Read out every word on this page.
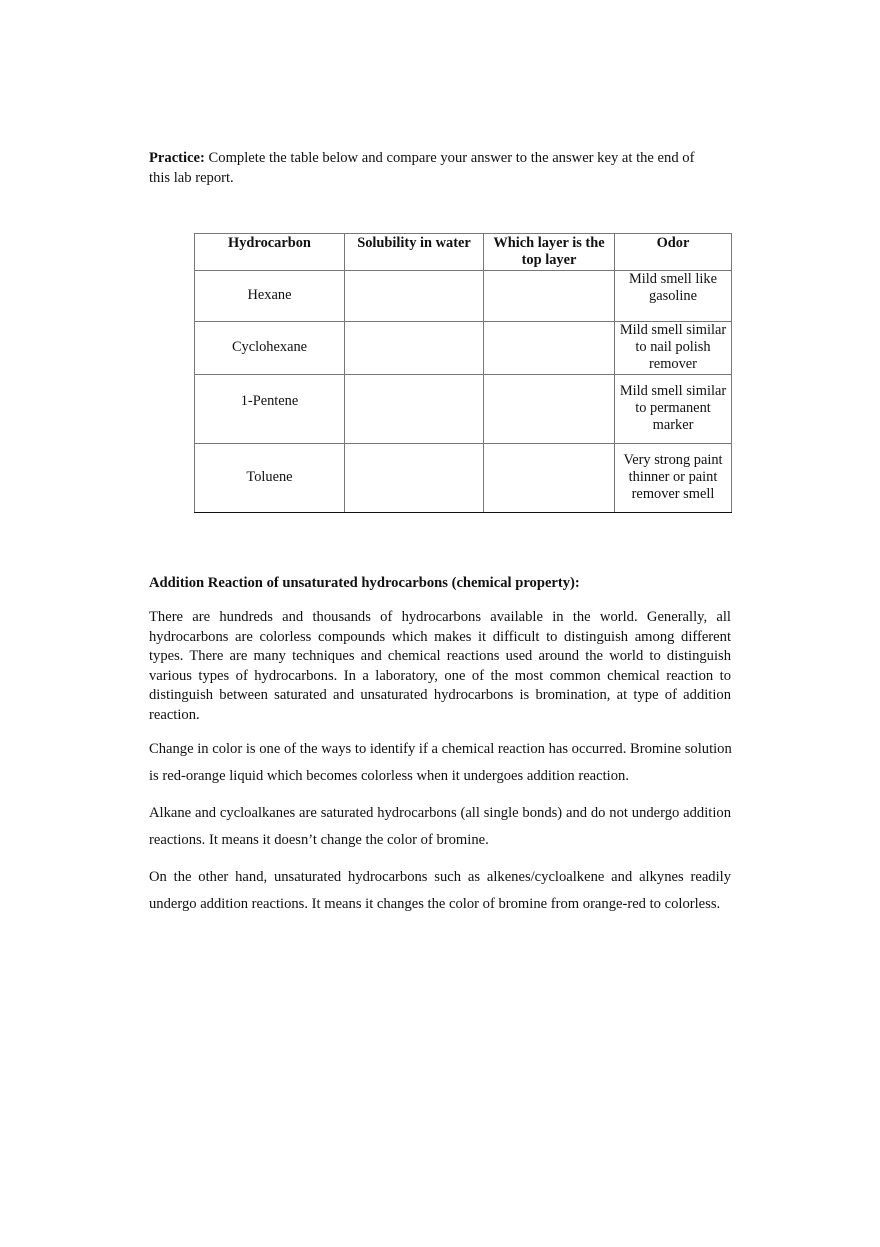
Practice: Complete the table below and compare your answer to the answer key at the end of
this lab report.
Hydrocarbon	Solubility in water	Which layer is the top layer	Odor
Hexane			Mild smell like gasoline
Cyclohexane			Mild smell similar to nail polish remover
1-Pentene			Mild smell similar to permanent marker
Toluene			Very strong paint thinner or paint remover smell
Addition Reaction of unsaturated hydrocarbons (chemical property):
There are hundreds and thousands of hydrocarbons available in the world. Generally, all
hydrocarbons are colorless compounds which makes it difficult to distinguish among different
types. There are many techniques and chemical reactions used around the world to distinguish
various types of hydrocarbons. In a laboratory, one of the most common chemical reaction to
distinguish between saturated and unsaturated hydrocarbons is bromination, at type of addition
reaction.
Change in color is one of the ways to identify if a chemical reaction has occurred. Bromine solution
is red-orange liquid which becomes colorless when it undergoes addition reaction.
Alkane and cycloalkanes are saturated hydrocarbons (all single bonds) and do not undergo addition
reactions. It means it doesn’t change the color of bromine.
On the other hand, unsaturated hydrocarbons such as alkenes/cycloalkene and alkynes readily
undergo addition reactions. It means it changes the color of bromine from orange-red to colorless.
